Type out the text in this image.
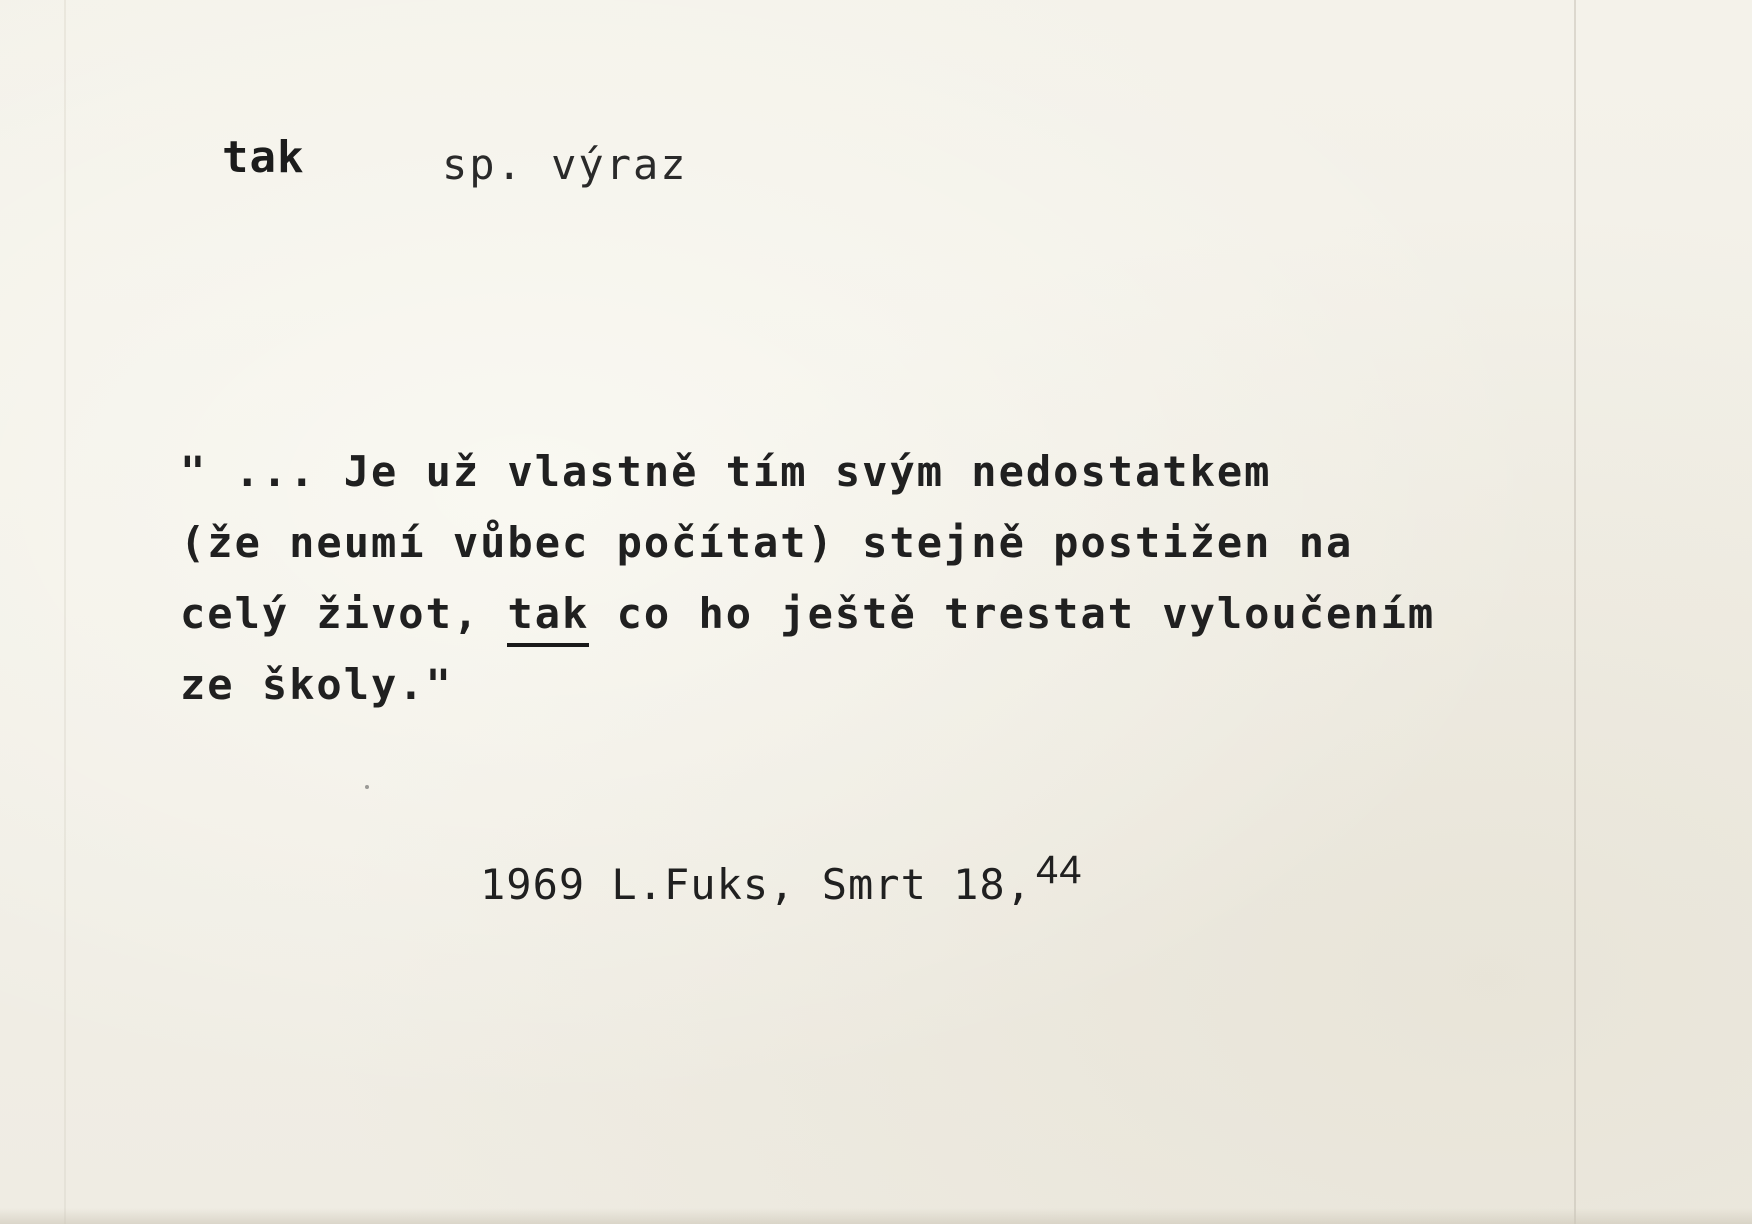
tak	sp. výraz
" ... Je už vlastně tím svým nedostatkem
(že neumí vůbec počítat) stejně postižen na
celý život, tak co ho ještě trestat vyloučením
ze školy."
1969 L.Fuks, Smrt 18, 44
